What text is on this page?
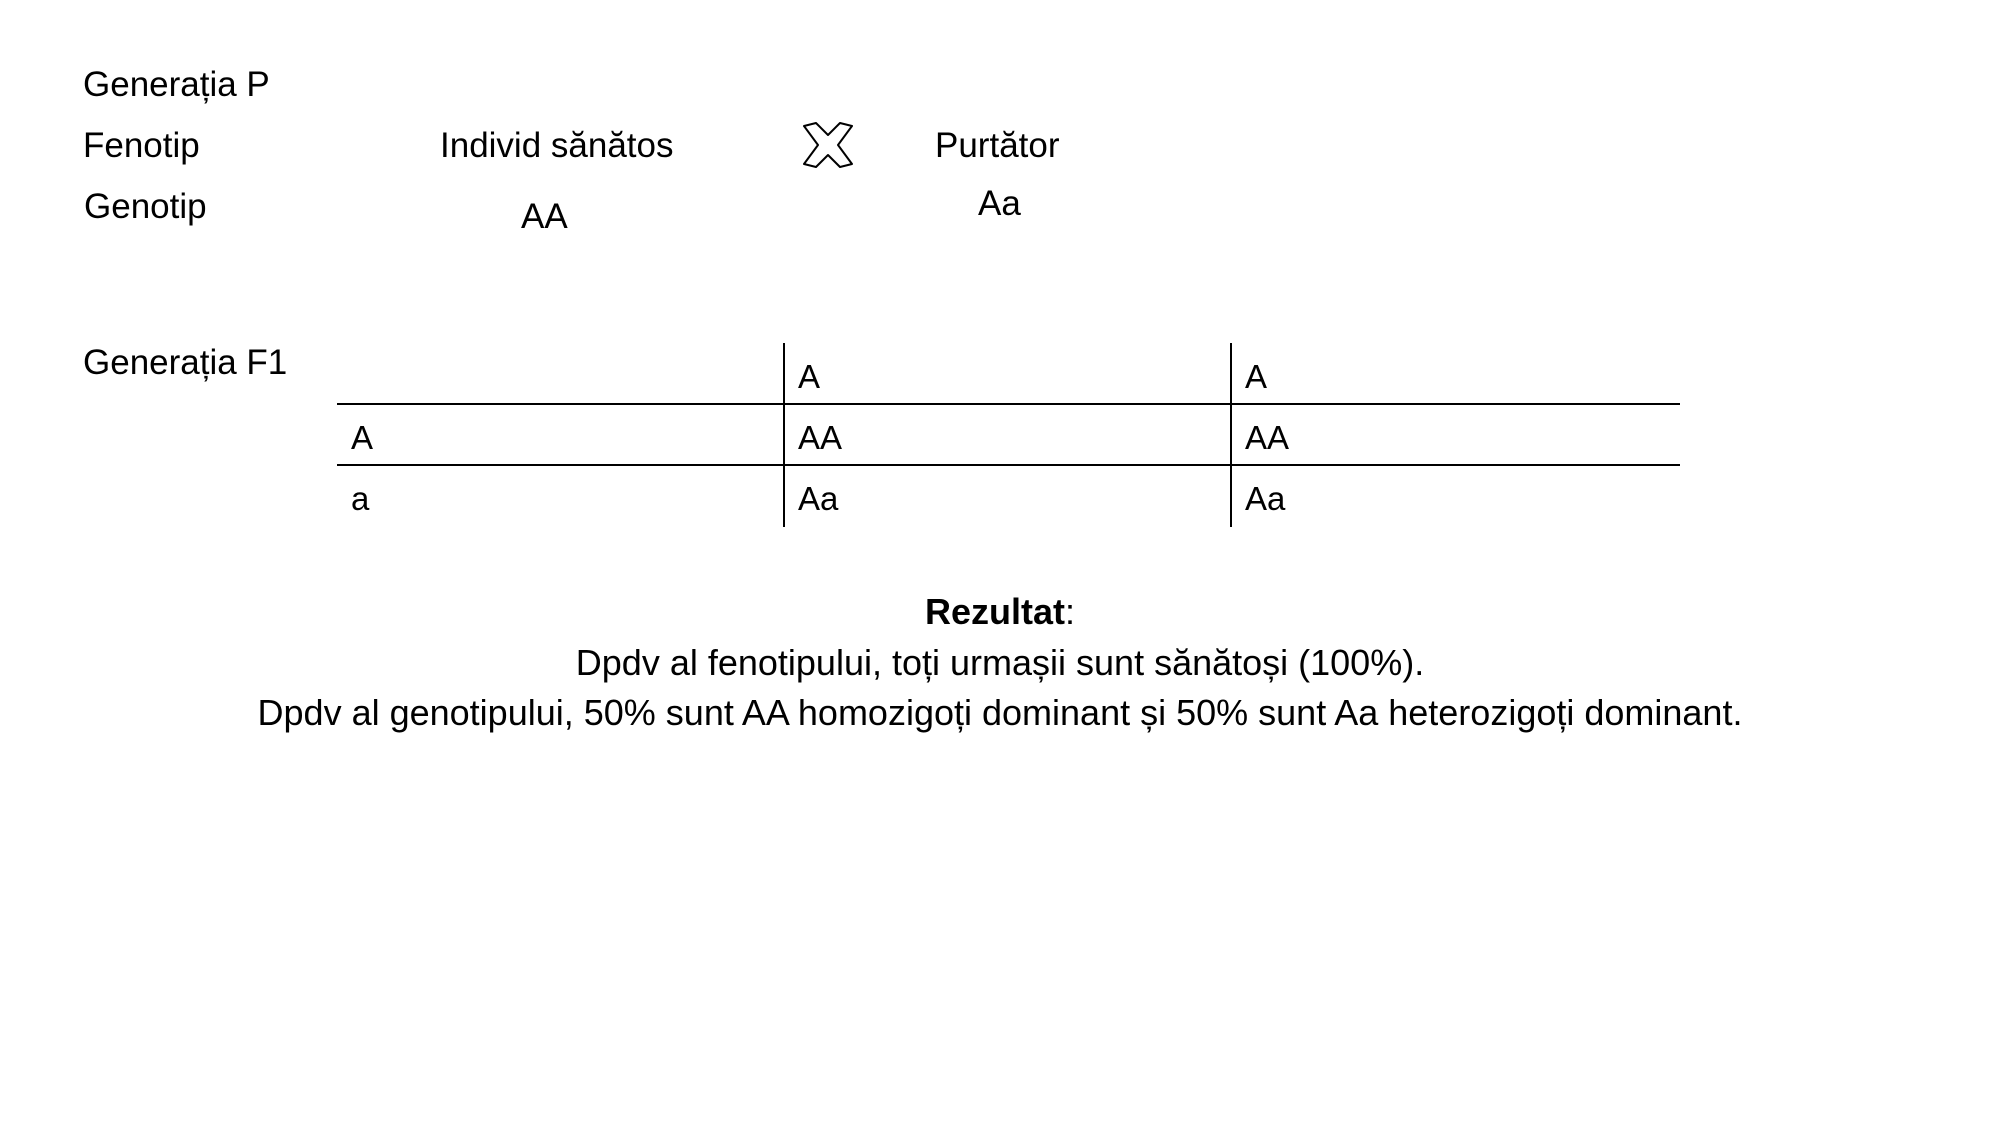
Generația P
Fenotip
Genotip
Individ sănătos
AA
Purtător
Aa
Generația F1	A	A
A	AA	AA
a	Aa	Aa
Rezultat:
Dpdv al fenotipului, toți urmașii sunt sănătoși (100%).
Dpdv al genotipului, 50% sunt AA homozigoți dominant și 50% sunt Aa heterozigoți dominant.
